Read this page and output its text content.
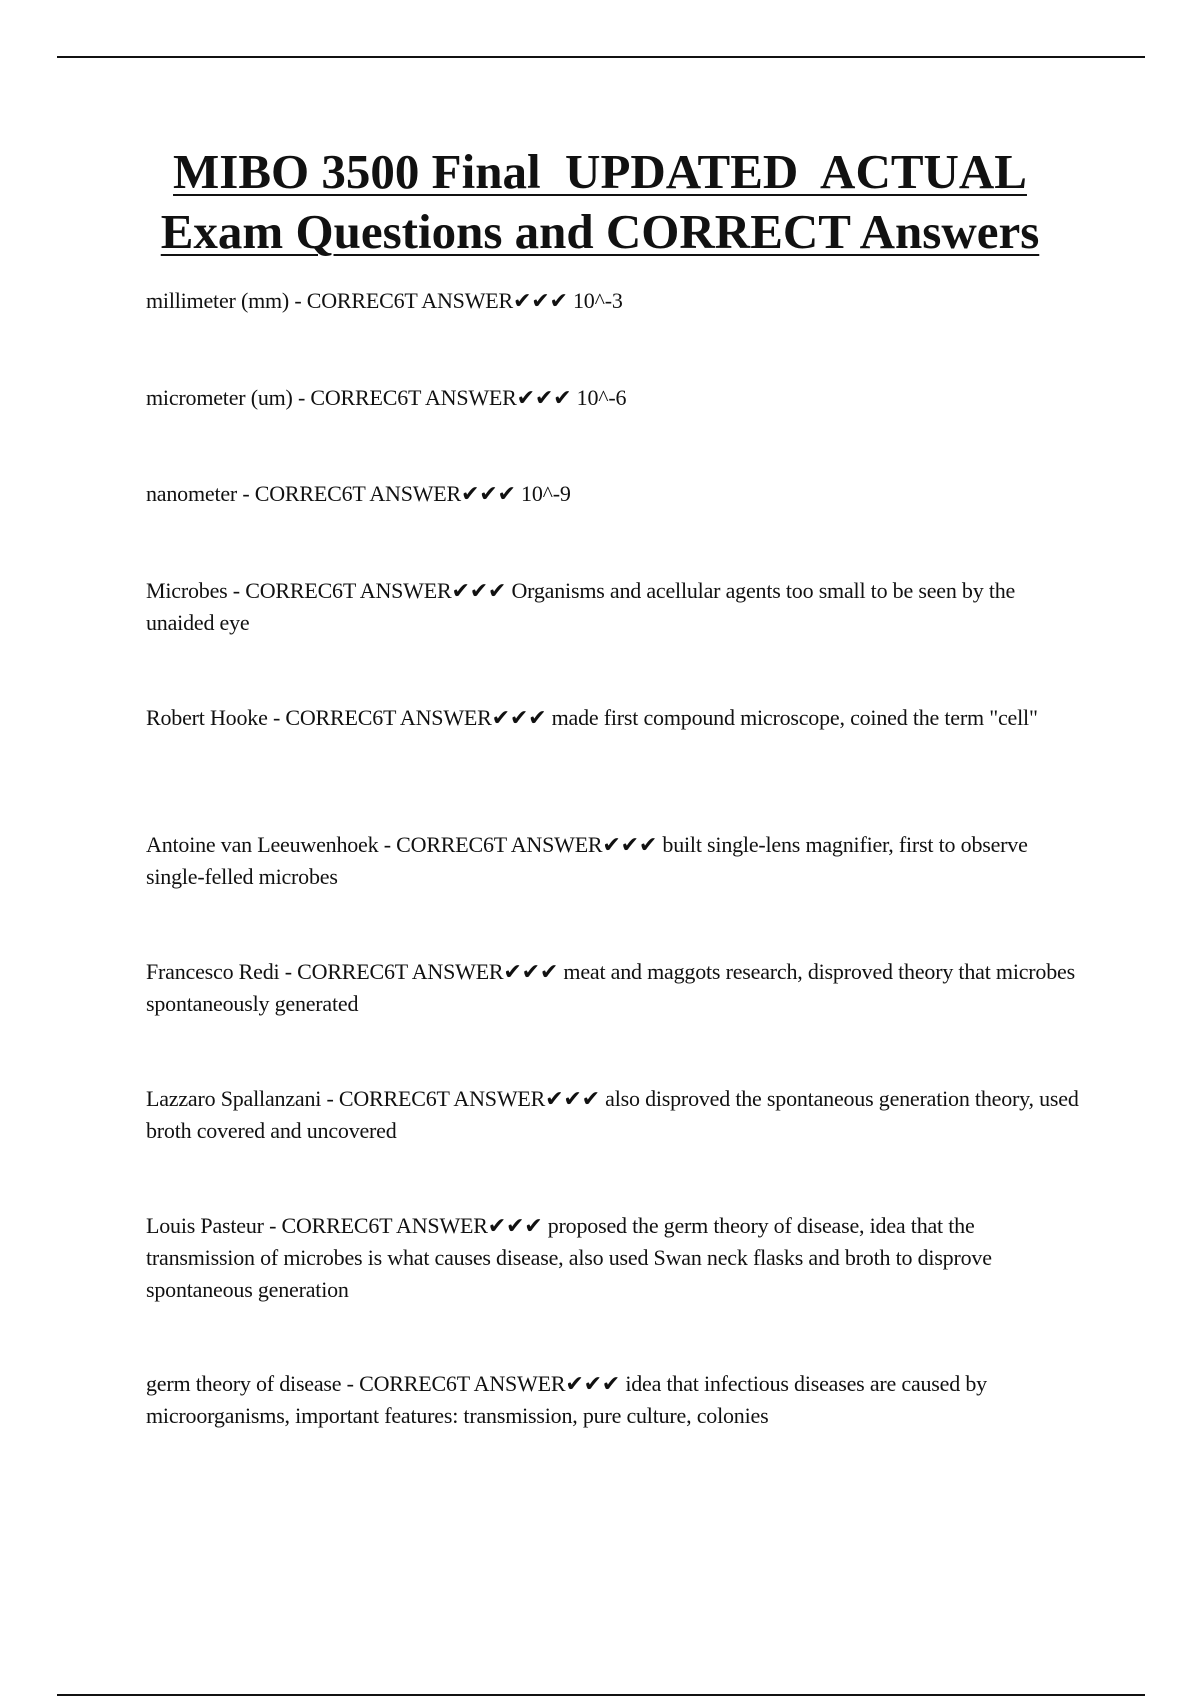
MIBO 3500 Final  UPDATED  ACTUAL
Exam Questions and CORRECT Answers

millimeter (mm) - CORREC6T ANSWER✔✔✔ 10^-3

micrometer (um) - CORREC6T ANSWER✔✔✔ 10^-6

nanometer - CORREC6T ANSWER✔✔✔ 10^-9

Microbes - CORREC6T ANSWER✔✔✔ Organisms and acellular agents too small to be seen by the unaided eye

Robert Hooke - CORREC6T ANSWER✔✔✔ made first compound microscope, coined the term "cell"

Antoine van Leeuwenhoek - CORREC6T ANSWER✔✔✔ built single-lens magnifier, first to observe single-felled microbes

Francesco Redi - CORREC6T ANSWER✔✔✔ meat and maggots research, disproved theory that microbes spontaneously generated

Lazzaro Spallanzani - CORREC6T ANSWER✔✔✔ also disproved the spontaneous generation theory, used broth covered and uncovered

Louis Pasteur - CORREC6T ANSWER✔✔✔ proposed the germ theory of disease, idea that the transmission of microbes is what causes disease, also used Swan neck flasks and broth to disprove spontaneous generation

germ theory of disease - CORREC6T ANSWER✔✔✔ idea that infectious diseases are caused by microorganisms, important features: transmission, pure culture, colonies
